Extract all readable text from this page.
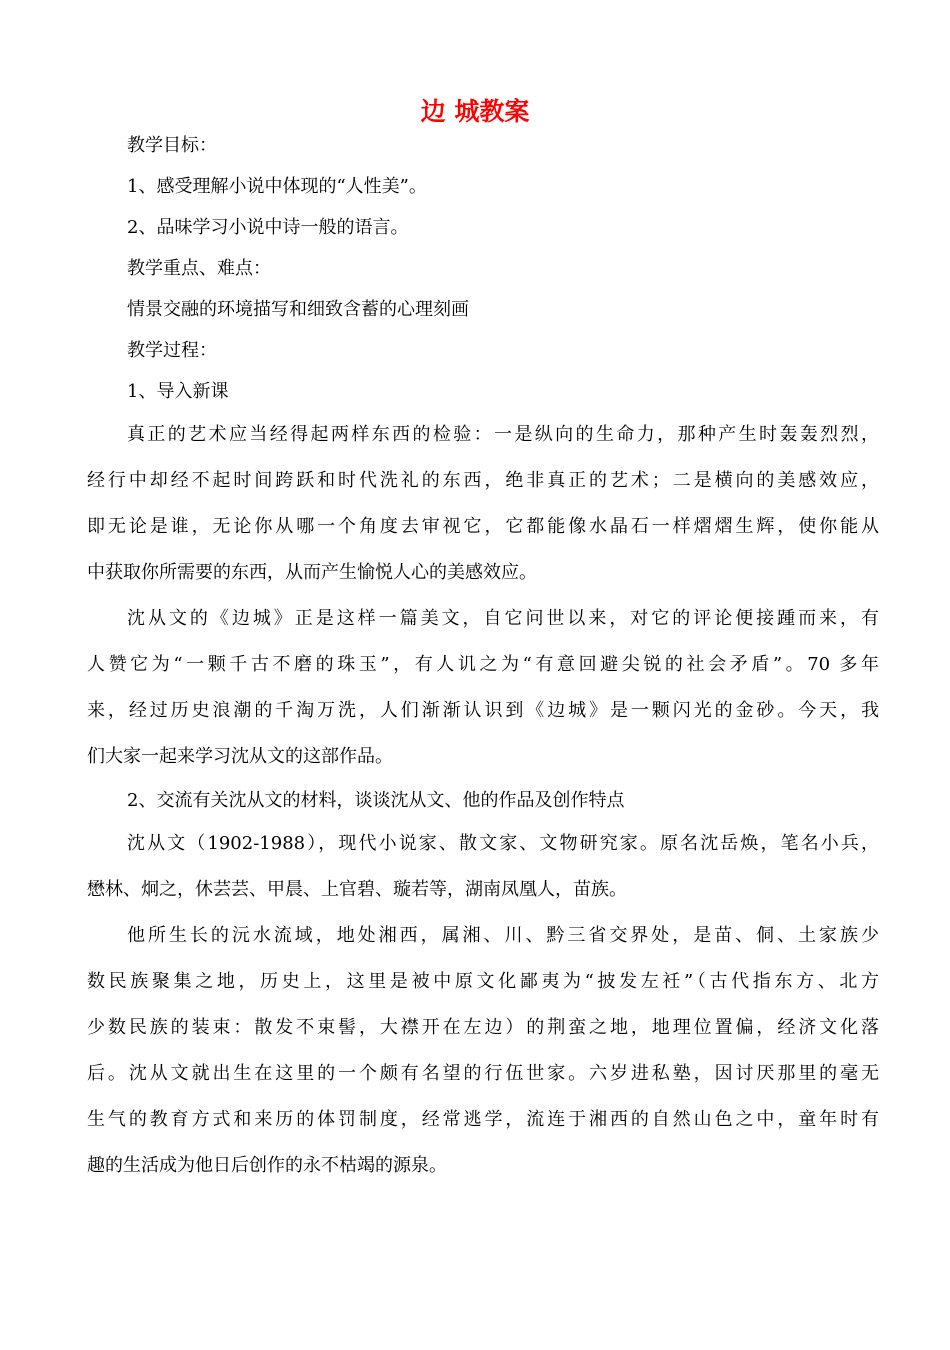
边 城教案
教学目标：
1、感受理解小说中体现的“人性美”。
2、品味学习小说中诗一般的语言。
教学重点、难点：
情景交融的环境描写和细致含蓄的心理刻画
教学过程：
1、导入新课
真正的艺术应当经得起两样东西的检验：一是纵向的生命力，那种产生时轰轰烈烈，
经行中却经不起时间跨跃和时代洗礼的东西，绝非真正的艺术；二是横向的美感效应，
即无论是谁，无论你从哪一个角度去审视它，它都能像水晶石一样熠熠生辉，使你能从
中获取你所需要的东西，从而产生愉悦人心的美感效应。
沈从文的《边城》正是这样一篇美文，自它问世以来，对它的评论便接踵而来，有
人赞它为“一颗千古不磨的珠玉”，有人讥之为“有意回避尖锐的社会矛盾”。70 多年
来，经过历史浪潮的千淘万洗，人们渐渐认识到《边城》是一颗闪光的金砂。今天，我
们大家一起来学习沈从文的这部作品。
2、交流有关沈从文的材料，谈谈沈从文、他的作品及创作特点
沈从文（1902-1988），现代小说家、散文家、文物研究家。原名沈岳焕，笔名小兵，
懋林、炯之，休芸芸、甲晨、上官碧、璇若等，湖南凤凰人，苗族。
他所生长的沅水流域，地处湘西，属湘、川、黔三省交界处，是苗、侗、土家族少
数民族聚集之地，历史上，这里是被中原文化鄙夷为“披发左衽”（古代指东方、北方
少数民族的装束：散发不束髻，大襟开在左边）的荆蛮之地，地理位置偏，经济文化落
后。沈从文就出生在这里的一个颇有名望的行伍世家。六岁进私塾，因讨厌那里的毫无
生气的教育方式和来历的体罚制度，经常逃学，流连于湘西的自然山色之中，童年时有
趣的生活成为他日后创作的永不枯竭的源泉。
